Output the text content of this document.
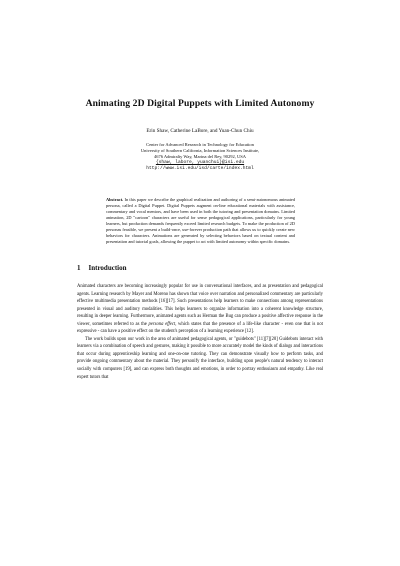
Animating 2D Digital Puppets with Limited Autonomy
Erin Shaw, Catherine LaBore, and Yuan-Chun Chiu
Center for Advanced Research in Technology for Education
University of Southern California, Information Sciences Institute,
4676 Admiralty Way, Marina del Rey, 90292, USA
{shaw, labore, yuanchui}@isi.edu
http://www.isi.edu/isd/carte/index.html
Abstract. In this paper we describe the graphical realization and authoring of a semi-autonomous animated persona, called a Digital Puppet. Digital Puppets augment on-line educational materials with assistance, commentary and vocal mentors, and have been used in both the tutoring and presentation domains. Limited animation, 2D "cartoon" characters are useful for sense pedagogical applications, particularly for young learners, but production demands frequently exceed limited research budgets. To make the production of 2D personas feasible, we present a build-once, use-forever production path that allows us to quickly create new behaviors for characters. Animations are generated by selecting behaviors based on textual content and presentation and tutorial goals, allowing the puppet to act with limited autonomy within specific domains.
1 Introduction

Animated characters are becoming increasingly popular for use in conversational interfaces, and as presentation and pedagogical agents. Learning research by Mayer and Moreno has shown that voice over narration and personalized commentary are particularly effective multimedia presentation methods [16][17]. Such presentations help learners to make connections among representations presented in visual and auditory modalities. This helps learners to organize information into a coherent knowledge structure, resulting in deeper learning. Furthermore, animated agents such as Herman the Bug can produce a positive affective response in the viewer, sometimes referred to as the persona effect, which states that the presence of a life-like character - even one that is not expressive - can have a positive effect on the student's perception of a learning experience [12].

The work builds upon our work in the area of animated pedagogical agents, or "guidebots" [11][7][20] Guidebots interact with learners via a combination of speech and gestures, making it possible to more accurately model the kinds of dialogs and interactions that occur during apprenticeship learning and one-on-one tutoring. They can demonstrate visually how to perform tasks, and provide ongoing commentary about the material. They personify the interface, building upon people's natural tendency to interact socially with computers [19], and can express both thoughts and emotions, in order to portray enthusiasm and empathy. Like real expert tutors that
